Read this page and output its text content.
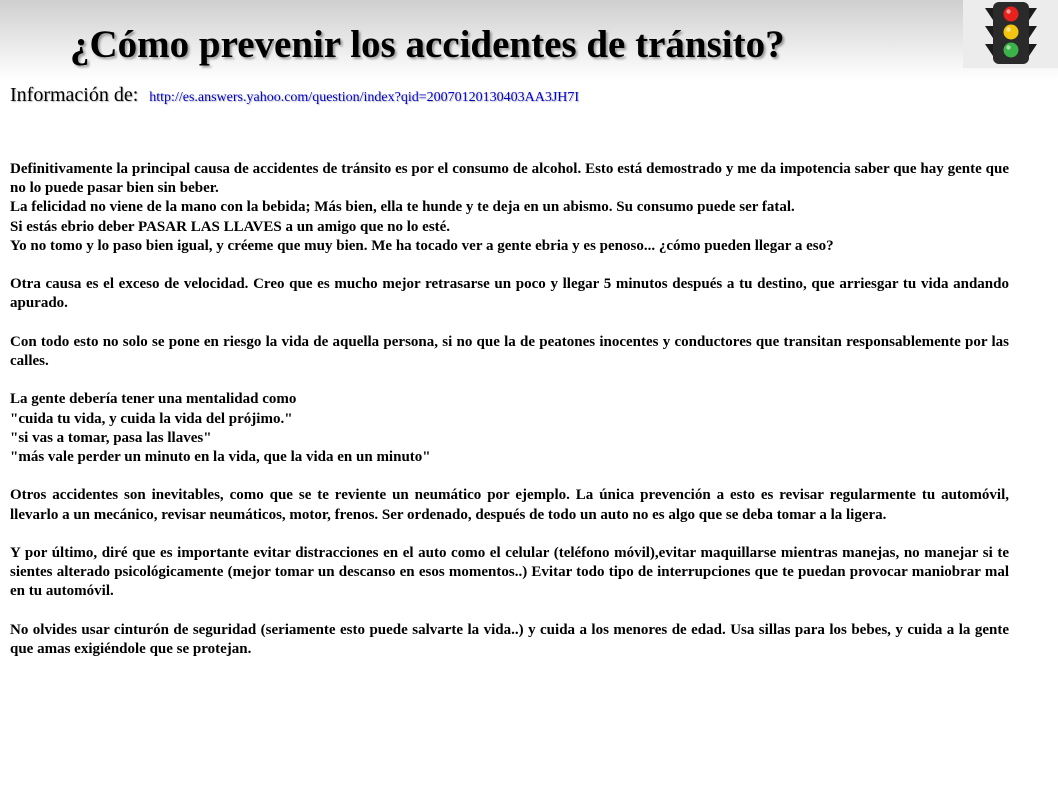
¿Cómo prevenir los accidentes de tránsito?
Información de: http://es.answers.yahoo.com/question/index?qid=20070120130403AA3JH7I

Definitivamente la principal causa de accidentes de tránsito es por el consumo de alcohol. Esto está demostrado y me da impotencia saber que hay gente que no lo puede pasar bien sin beber.

La felicidad no viene de la mano con la bebida; Más bien, ella te hunde y te deja en un abismo. Su consumo puede ser fatal.

Si estás ebrio deber PASAR LAS LLAVES a un amigo que no lo esté.

Yo no tomo y lo paso bien igual, y créeme que muy bien. Me ha tocado ver a gente ebria y es penoso... ¿cómo pueden llegar a eso?

Otra causa es el exceso de velocidad. Creo que es mucho mejor retrasarse un poco y llegar 5 minutos después a tu destino, que arriesgar tu vida andando apurado.

Con todo esto no solo se pone en riesgo la vida de aquella persona, si no que la de peatones inocentes y conductores que transitan responsablemente por las calles.

La gente debería tener una mentalidad como

"cuida tu vida, y cuida la vida del prójimo."

"si vas a tomar, pasa las llaves"

"más vale perder un minuto en la vida, que la vida en un minuto"

Otros accidentes son inevitables, como que se te reviente un neumático por ejemplo. La única prevención a esto es revisar regularmente tu automóvil, llevarlo a un mecánico, revisar neumáticos, motor, frenos. Ser ordenado, después de todo un auto no es algo que se deba tomar a la ligera.

Y por último, diré que es importante evitar distracciones en el auto como el celular (teléfono móvil),evitar maquillarse mientras manejas, no manejar si te sientes alterado psicológicamente (mejor tomar un descanso en esos momentos..) Evitar todo tipo de interrupciones que te puedan provocar maniobrar mal en tu automóvil.

No olvides usar cinturón de seguridad (seriamente esto puede salvarte la vida..) y cuida a los menores de edad. Usa sillas para los bebes, y cuida a la gente que amas exigiéndole que se protejan.
